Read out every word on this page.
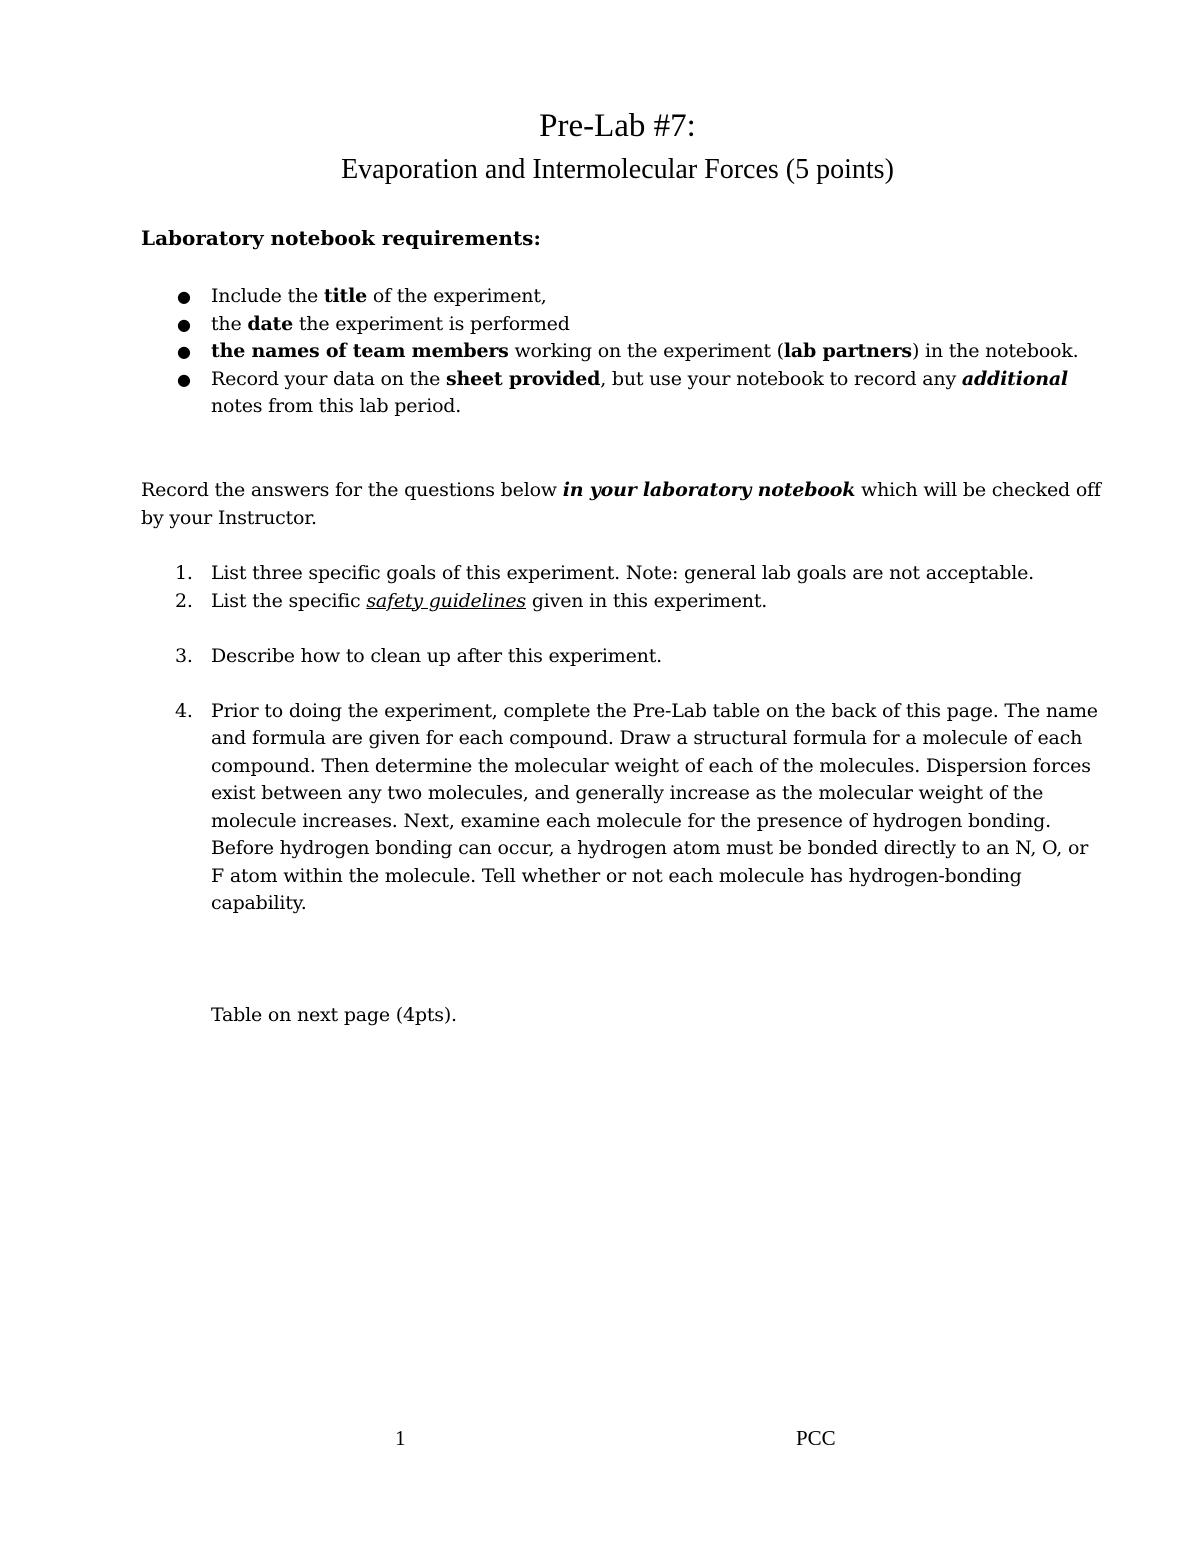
Pre-Lab #7:
Evaporation and Intermolecular Forces (5 points)
Laboratory notebook requirements:
● Include the title of the experiment,
● the date the experiment is performed
● the names of team members working on the experiment (lab partners) in the notebook.
● Record your data on the sheet provided, but use your notebook to record any additional notes from this lab period.
Record the answers for the questions below in your laboratory notebook which will be checked off by your Instructor.
1. List three specific goals of this experiment. Note: general lab goals are not acceptable.
2. List the specific safety guidelines given in this experiment.
3. Describe how to clean up after this experiment.
4. Prior to doing the experiment, complete the Pre-Lab table on the back of this page. The name and formula are given for each compound. Draw a structural formula for a molecule of each compound. Then determine the molecular weight of each of the molecules. Dispersion forces exist between any two molecules, and generally increase as the molecular weight of the molecule increases. Next, examine each molecule for the presence of hydrogen bonding. Before hydrogen bonding can occur, a hydrogen atom must be bonded directly to an N, O, or F atom within the molecule. Tell whether or not each molecule has hydrogen-bonding capability.
Table on next page (4pts).
1	PCC
